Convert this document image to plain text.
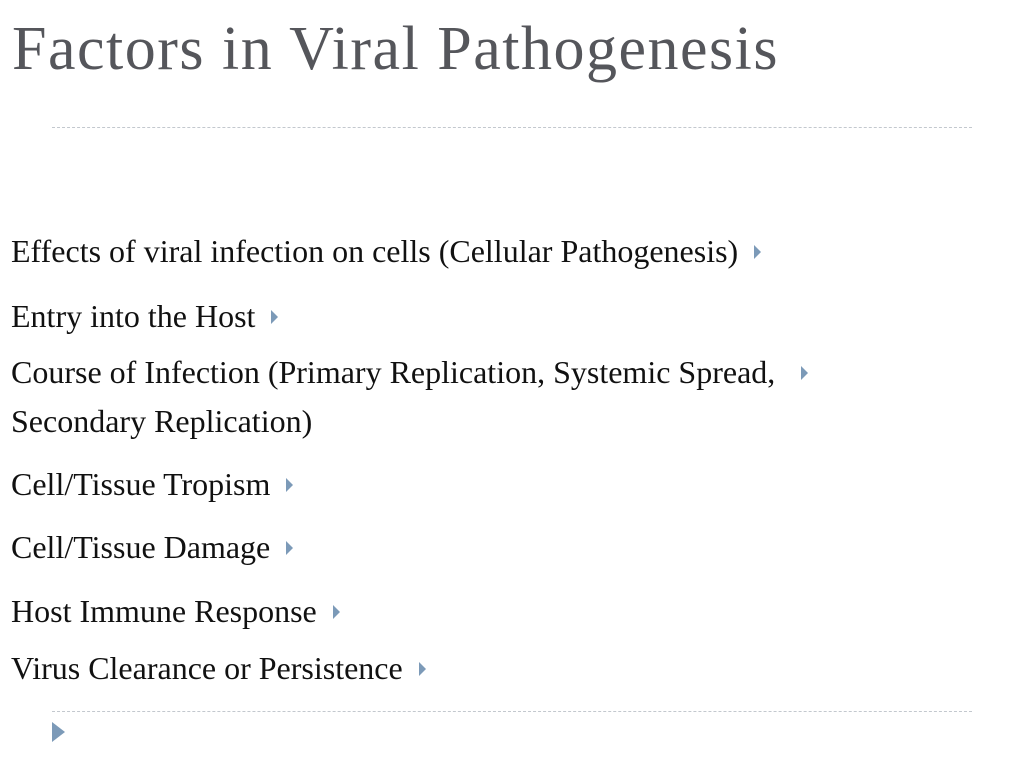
Factors in Viral Pathogenesis
Effects of viral infection on cells (Cellular Pathogenesis)
Entry into the Host
Course of Infection (Primary Replication, Systemic Spread,
Secondary Replication)
Cell/Tissue Tropism
Cell/Tissue Damage
Host Immune Response
Virus Clearance or Persistence
